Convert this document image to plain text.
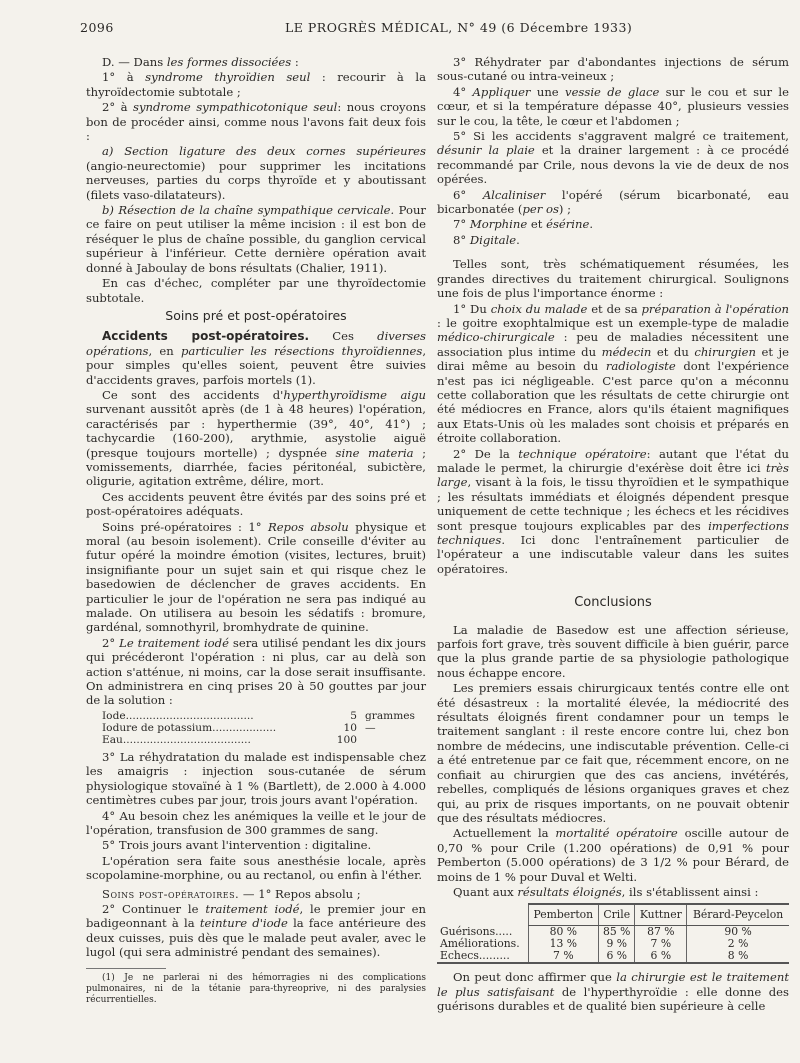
2096	LE PROGRÈS MÉDICAL, N° 49 (6 Décembre 1933)

D. — Dans les formes dissociées :

1° à syndrome thyroïdien seul : recourir à la thyroïdectomie subtotale ;

2° à syndrome sympathicotonique seul: nous croyons bon de procéder ainsi, comme nous l'avons fait deux fois :

a) Section ligature des deux cornes supérieures (angio-neurectomie) pour supprimer les incitations nerveuses, parties du corps thyroïde et y aboutissant (filets vaso-dilatateurs).

b) Résection de la chaîne sympathique cervicale. Pour ce faire on peut utiliser la même incision : il est bon de réséquer le plus de chaîne possible, du ganglion cervical supérieur à l'inférieur. Cette dernière opération avait donné à Jaboulay de bons résultats (Chalier, 1911).

En cas d'échec, compléter par une thyroïdectomie subtotale.

Soins pré et post-opératoires

Accidents post-opératoires. Ces diverses opérations, en particulier les résections thyroïdiennes, pour simples qu'elles soient, peuvent être suivies d'accidents graves, parfois mortels (1).

Ce sont des accidents d'hyperthyroïdisme aigu survenant aussitôt après (de 1 à 48 heures) l'opération, caractérisés par : hyperthermie (39°, 40°, 41°) ; tachycardie (160-200), arythmie, asystolie aiguë (presque toujours mortelle) ; dyspnée sine materia ; vomissements, diarrhée, facies péritonéal, subictère, oligurie, agitation extrême, délire, mort.

Ces accidents peuvent être évités par des soins pré et post-opératoires adéquats.

Soins pré-opératoires : 1° Repos absolu physique et moral (au besoin isolement). Crile conseille d'éviter au futur opéré la moindre émotion (visites, lectures, bruit) insignifiante pour un sujet sain et qui risque chez le basedowien de déclencher de graves accidents. En particulier le jour de l'opération ne sera pas indiqué au malade. On utilisera au besoin les sédatifs : bromure, gardénal, somnothyril, bromhydrate de quinine.

2° Le traitement iodé sera utilisé pendant les dix jours qui précéderont l'opération : ni plus, car au delà son action s'atténue, ni moins, car la dose serait insuffisante. On administrera en cinq prises 20 à 50 gouttes par jour de la solution :

Iode......................................	5 grammes
Iodure de potassium...................	10 —
Eau......................................	100

3° La réhydratation du malade est indispensable chez les amaigris : injection sous-cutanée de sérum physiologique stovaïné à 1 % (Bartlett), de 2.000 à 4.000 centimètres cubes par jour, trois jours avant l'opération.

4° Au besoin chez les anémiques la veille et le jour de l'opération, transfusion de 300 grammes de sang.

5° Trois jours avant l'intervention : digitaline.

L'opération sera faite sous anesthésie locale, après scopolamine-morphine, ou au rectanol, ou enfin à l'éther.

Soins post-opératoires. — 1° Repos absolu ;

2° Continuer le traitement iodé, le premier jour en badigeonnant à la teinture d'iode la face antérieure des deux cuisses, puis dès que le malade peut avaler, avec le lugol (qui sera administré pendant des semaines).

(1) Je ne parlerai ni des hémorragies ni des complications pulmonaires, ni de la tétanie para-thyreoprive, ni des paralysies récurrentielles.

3° Réhydrater par d'abondantes injections de sérum sous-cutané ou intra-veineux ;

4° Appliquer une vessie de glace sur le cou et sur le cœur, et si la température dépasse 40°, plusieurs vessies sur le cou, la tête, le cœur et l'abdomen ;

5° Si les accidents s'aggravent malgré ce traitement, désunir la plaie et la drainer largement : à ce procédé recommandé par Crile, nous devons la vie de deux de nos opérées.

6° Alcaliniser l'opéré (sérum bicarbonaté, eau bicarbonatée (per os) ;

7° Morphine et ésérine.

8° Digitale.

Telles sont, très schématiquement résumées, les grandes directives du traitement chirurgical. Soulignons une fois de plus l'importance énorme :

1° Du choix du malade et de sa préparation à l'opération : le goitre exophtalmique est un exemple-type de maladie médico-chirurgicale : peu de maladies nécessitent une association plus intime du médecin et du chirurgien et je dirai même au besoin du radiologiste dont l'expérience n'est pas ici négligeable. C'est parce qu'on a méconnu cette collaboration que les résultats de cette chirurgie ont été médiocres en France, alors qu'ils étaient magnifiques aux Etats-Unis où les malades sont choisis et préparés en étroite collaboration.

2° De la technique opératoire: autant que l'état du malade le permet, la chirurgie d'exérèse doit être ici très large, visant à la fois, le tissu thyroïdien et le sympathique ; les résultats immédiats et éloignés dépendent presque uniquement de cette technique ; les échecs et les récidives sont presque toujours explicables par des imperfections techniques. Ici donc l'entraînement particulier de l'opérateur a une indiscutable valeur dans les suites opératoires.

Conclusions

La maladie de Basedow est une affection sérieuse, parfois fort grave, très souvent difficile à bien guérir, parce que la plus grande partie de sa physiologie pathologique nous échappe encore.

Les premiers essais chirurgicaux tentés contre elle ont été désastreux : la mortalité élevée, la médiocrité des résultats éloignés firent condamner pour un temps le traitement sanglant : il reste encore contre lui, chez bon nombre de médecins, une indiscutable prévention. Celle-ci a été entretenue par ce fait que, récemment encore, on ne confiait au chirurgien que des cas anciens, invétérés, rebelles, compliqués de lésions organiques graves et chez qui, au prix de risques importants, on ne pouvait obtenir que des résultats médiocres.

Actuellement la mortalité opératoire oscille autour de 0,70 % pour Crile (1.200 opérations) de 0,91 % pour Pemberton (5.000 opérations) de 3 1/2 % pour Bérard, de moins de 1 % pour Duval et Welti.

Quant aux résultats éloignés, ils s'établissent ainsi :

	Pemberton	Crile	Kuttner	Bérard-Peycelon
Guérisons.....	80 %	85 %	87 %	90 %
Améliorations.	13 %	9 %	7 %	2 %
Echecs.........	7 %	6 %	6 %	8 %

On peut donc affirmer que la chirurgie est le traitement le plus satisfaisant de l'hyperthyroïdie : elle donne des guérisons durables et de qualité bien supérieure à celle
